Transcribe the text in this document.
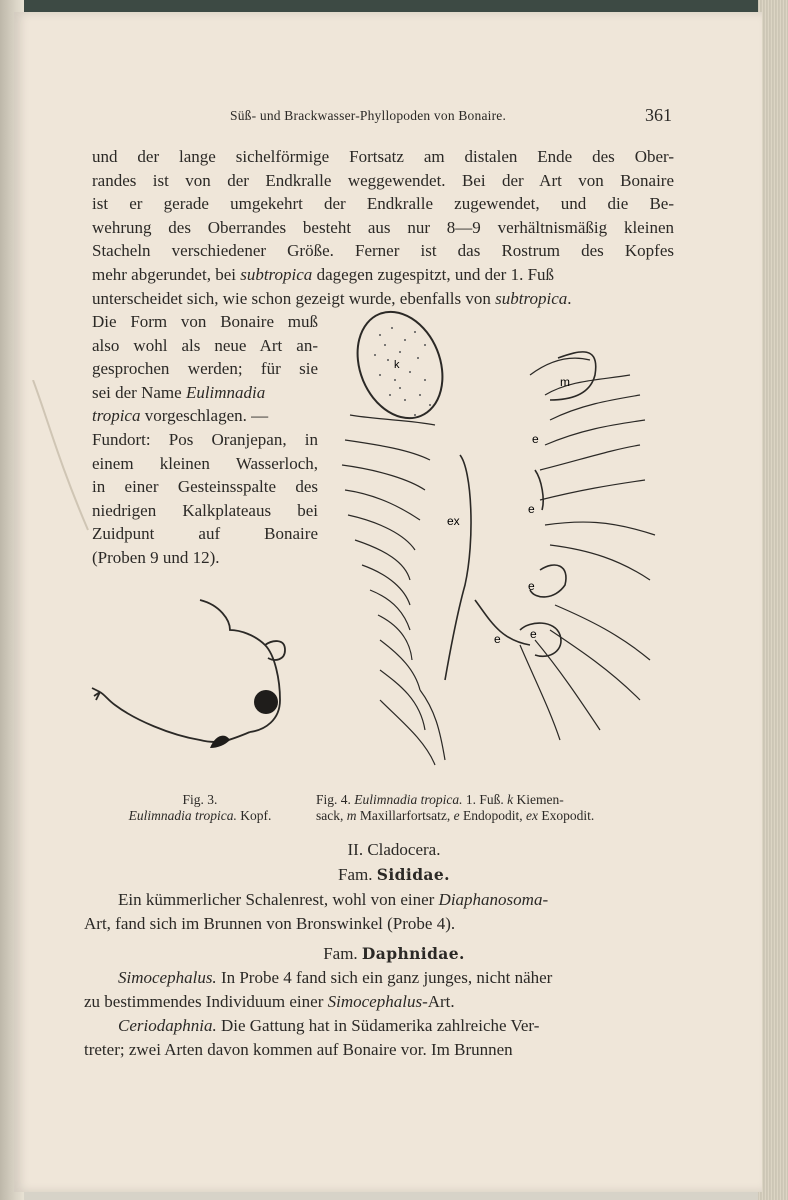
Süß- und Brackwasser-Phyllopoden von Bonaire.	361
und der lange sichelförmige Fortsatz am distalen Ende des Ober-
randes ist von der Endkralle weggewendet. Bei der Art von Bonaire
ist er gerade umgekehrt der Endkralle zugewendet, und die Be-
wehrung des Oberrandes besteht aus nur 8—9 verhältnismäßig kleinen
Stacheln verschiedener Größe. Ferner ist das Rostrum des Kopfes
mehr abgerundet, bei subtropica dagegen zugespitzt, und der 1. Fuß
unterscheidet sich, wie schon gezeigt wurde, ebenfalls von subtropica.
Die Form von Bonaire muß
also wohl als neue Art an-
gesprochen werden; für sie
sei der Name Eulimnadia
tropica vorgeschlagen. —
Fundort: Pos Oranjepan, in
einem kleinen Wasserloch,
in einer Gesteinsspalte des
niedrigen Kalkplateaus bei
Zuidpunt auf Bonaire
(Proben 9 und 12).
k
ex
m
e
e
e
e e
Fig. 3.
Eulimnadia tropica. Kopf.
Fig. 4. Eulimnadia tropica. 1. Fuß. k Kiemen-
sack, m Maxillarfortsatz, e Endopodit, ex Exopodit.
II. Cladocera.
Fam. Sididae.
Ein kümmerlicher Schalenrest, wohl von einer Diaphanosoma-
Art, fand sich im Brunnen von Bronswinkel (Probe 4).
Fam. Daphnidae.
Simocephalus. In Probe 4 fand sich ein ganz junges, nicht näher
zu bestimmendes Individuum einer Simocephalus-Art.
Ceriodaphnia. Die Gattung hat in Südamerika zahlreiche Ver-
treter; zwei Arten davon kommen auf Bonaire vor. Im Brunnen
